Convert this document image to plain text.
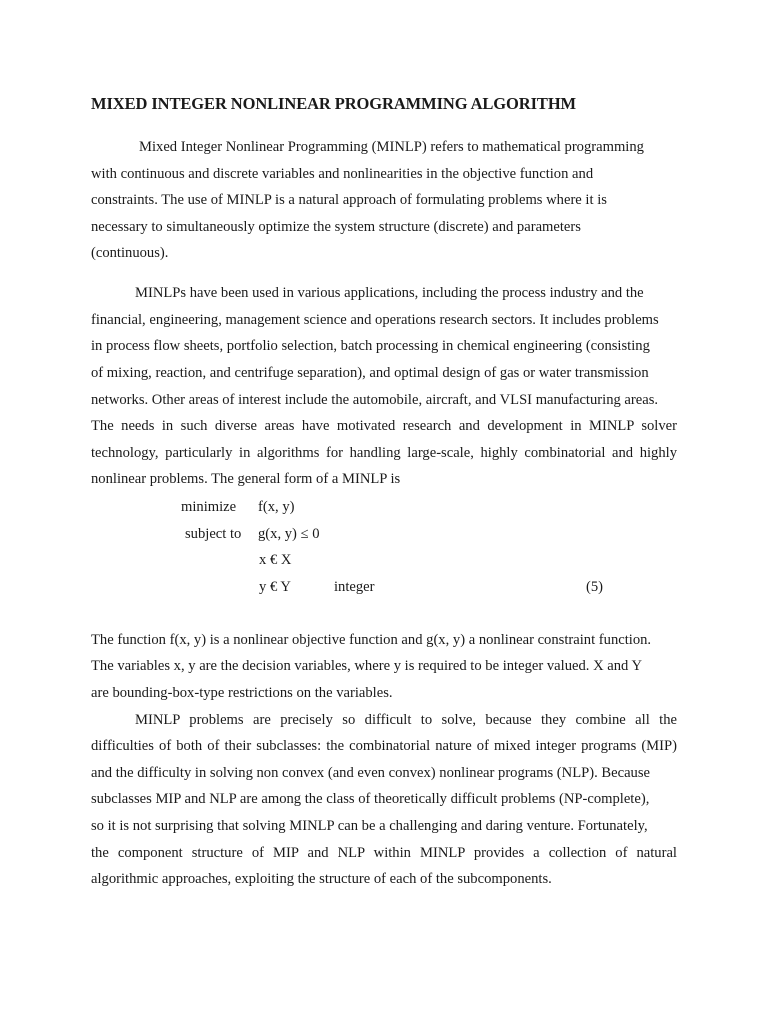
MIXED INTEGER NONLINEAR PROGRAMMING ALGORITHM
Mixed Integer Nonlinear Programming (MINLP) refers to mathematical programming
with continuous and discrete variables and nonlinearities in the objective function and
constraints. The use of MINLP is a natural approach of formulating problems where it is
necessary to simultaneously optimize the system structure (discrete) and parameters
(continuous).
MINLPs have been used in various applications, including the process industry and the
financial, engineering, management science and operations research sectors. It includes problems
in process flow sheets, portfolio selection, batch processing in chemical engineering (consisting
of mixing, reaction, and centrifuge separation), and optimal design of gas or water transmission
networks. Other areas of interest include the automobile, aircraft, and VLSI manufacturing areas.
The needs in such diverse areas have motivated research and development in MINLP solver
technology, particularly in algorithms for handling large-scale, highly combinatorial and highly
nonlinear problems. The general form of a MINLP is
minimize f(x, y)
subject to g(x, y) ≤ 0
x € X
y € Y	integer	(5)
The function f(x, y) is a nonlinear objective function and g(x, y) a nonlinear constraint function.
The variables x, y are the decision variables, where y is required to be integer valued. X and Y
are bounding-box-type restrictions on the variables.
MINLP problems are precisely so difficult to solve, because they combine all the
difficulties of both of their subclasses: the combinatorial nature of mixed integer programs (MIP)
and the difficulty in solving non convex (and even convex) nonlinear programs (NLP). Because
subclasses MIP and NLP are among the class of theoretically difficult problems (NP-complete),
so it is not surprising that solving MINLP can be a challenging and daring venture. Fortunately,
the component structure of MIP and NLP within MINLP provides a collection of natural
algorithmic approaches, exploiting the structure of each of the subcomponents.
